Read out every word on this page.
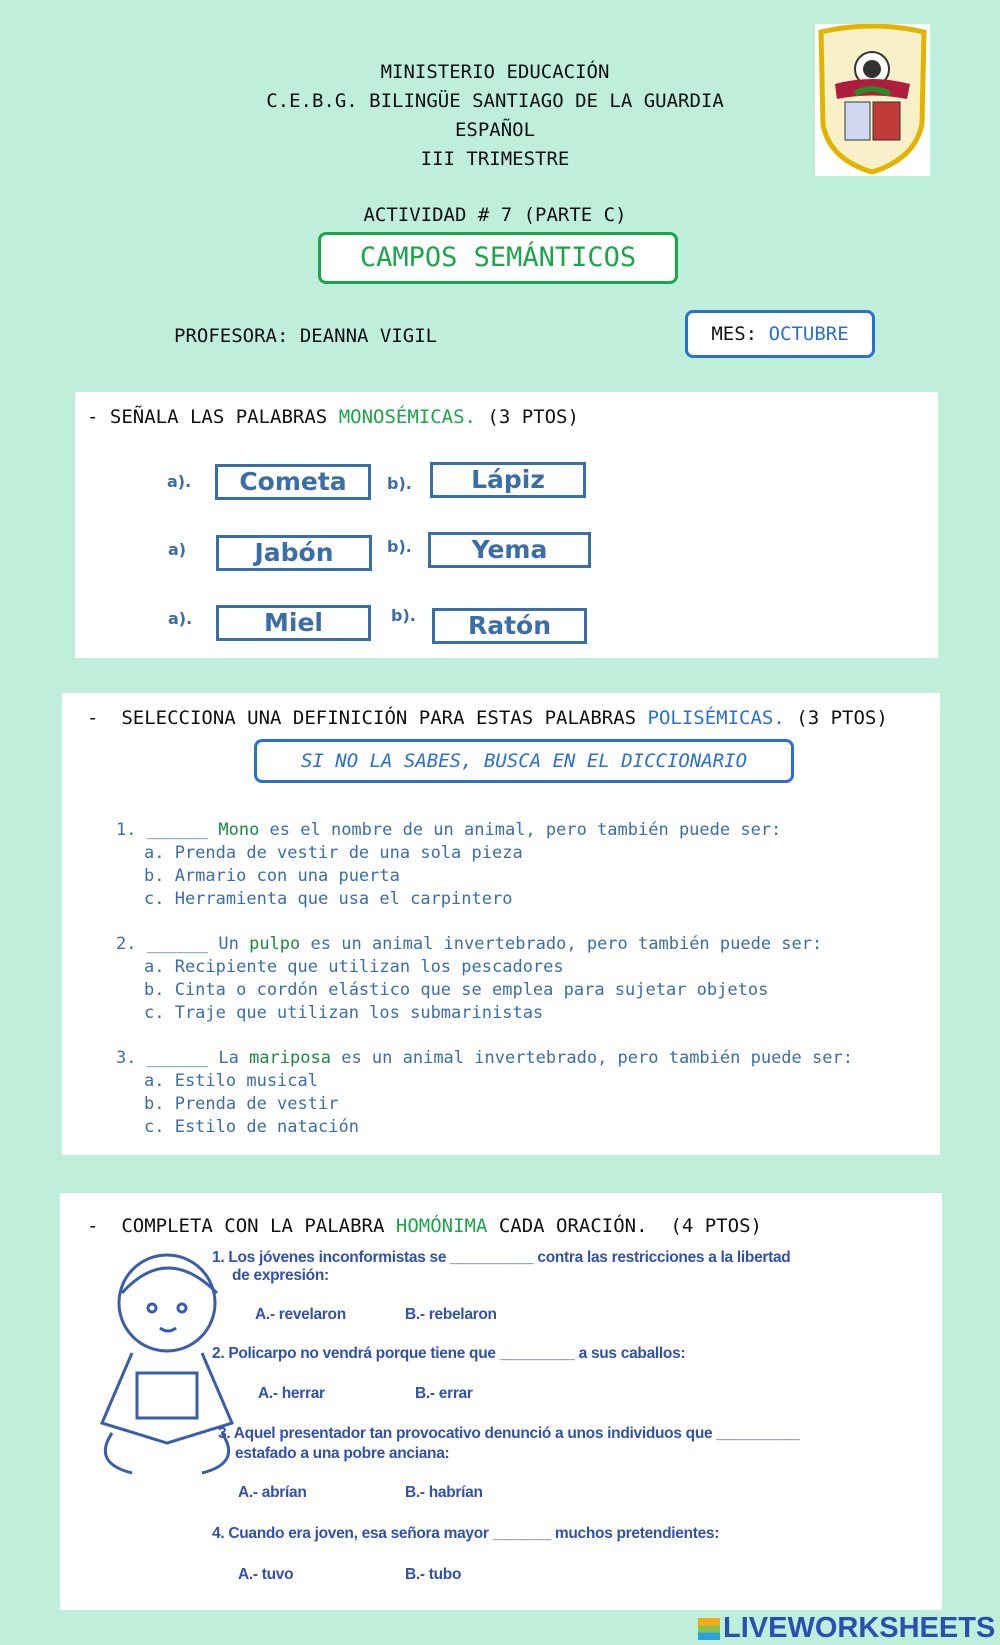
MINISTERIO EDUCACIÓN
C.E.B.G. BILINGÜE SANTIAGO DE LA GUARDIA
ESPAÑOL
III TRIMESTRE
ACTIVIDAD # 7 (PARTE C)
CAMPOS SEMÁNTICOS
PROFESORA: DEANNA VIGIL	MES: OCTUBRE
- SEÑALA LAS PALABRAS MONOSÉMICAS. (3 PTOS)
a).	Cometa	b).	Lápiz
a)	Jabón	b).	Yema
a).	Miel	b).	Ratón
- SELECCIONA UNA DEFINICIÓN PARA ESTAS PALABRAS POLISÉMICAS. (3 PTOS)
SI NO LA SABES, BUSCA EN EL DICCIONARIO
1. ______ Mono es el nombre de un animal, pero también puede ser:
a. Prenda de vestir de una sola pieza
b. Armario con una puerta
c. Herramienta que usa el carpintero
2. ______ Un pulpo es un animal invertebrado, pero también puede ser:
a. Recipiente que utilizan los pescadores
b. Cinta o cordón elástico que se emplea para sujetar objetos
c. Traje que utilizan los submarinistas
3. ______ La mariposa es un animal invertebrado, pero también puede ser:
a. Estilo musical
b. Prenda de vestir
c. Estilo de natación
- COMPLETA CON LA PALABRA HOMÓNIMA CADA ORACIÓN.  (4 PTOS)
1. Los jóvenes inconformistas se __________ contra las restricciones a la libertad
de expresión:
A.- revelaron	B.- rebelaron
2. Policarpo no vendrá porque tiene que _________ a sus caballos:
A.- herrar	B.- errar
3. Aquel presentador tan provocativo denunció a unos individuos que __________
estafado a una pobre anciana:
A.- abrían	B.- habrían
4. Cuando era joven, esa señora mayor _______ muchos pretendientes:
A.- tuvo	B.- tubo
LIVEWORKSHEETS
